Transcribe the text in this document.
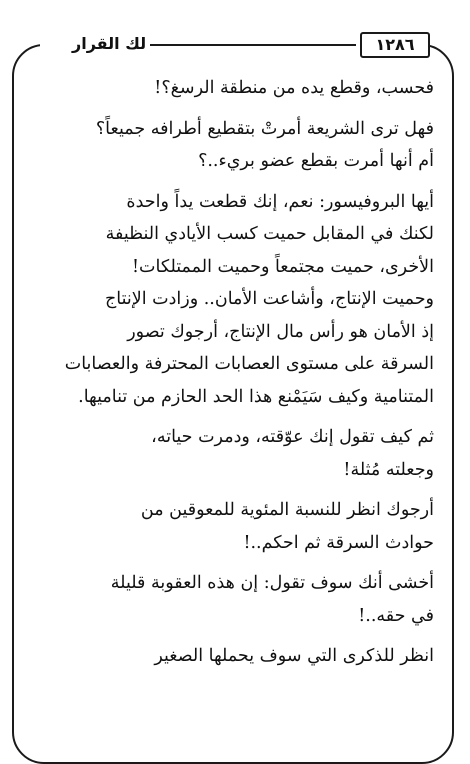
لك القرار	١٢٨٦
فحسب، وقطع يده من منطقة الرسغ؟!
فهل ترى الشريعة أمرتْ بتقطيع أطرافه جميعاً؟
أم أنها أمرت بقطع عضو بريء..؟
أيها البروفيسور: نعم، إنك قطعت يداً واحدة
لكنك في المقابل حميت كسب الأيادي النظيفة
الأخرى، حميت مجتمعاً وحميت الممتلكات!
وحميت الإنتاج، وأشاعت الأمان.. وزادت الإنتاج
إذ الأمان هو رأس مال الإنتاج، أرجوك تصور
السرقة على مستوى العصابات المحترفة والعصابات
المتنامية وكيف سَيَمْنع هذا الحد الحازم من تناميها.
ثم كيف تقول إنك عوّقته، ودمرت حياته،
وجعلته مُثلة!
أرجوك انظر للنسبة المئوية للمعوقين من
حوادث السرقة ثم احكم..!
أخشى أنك سوف تقول: إن هذه العقوبة قليلة
في حقه..!
انظر للذكرى التي سوف يحملها الصغير
